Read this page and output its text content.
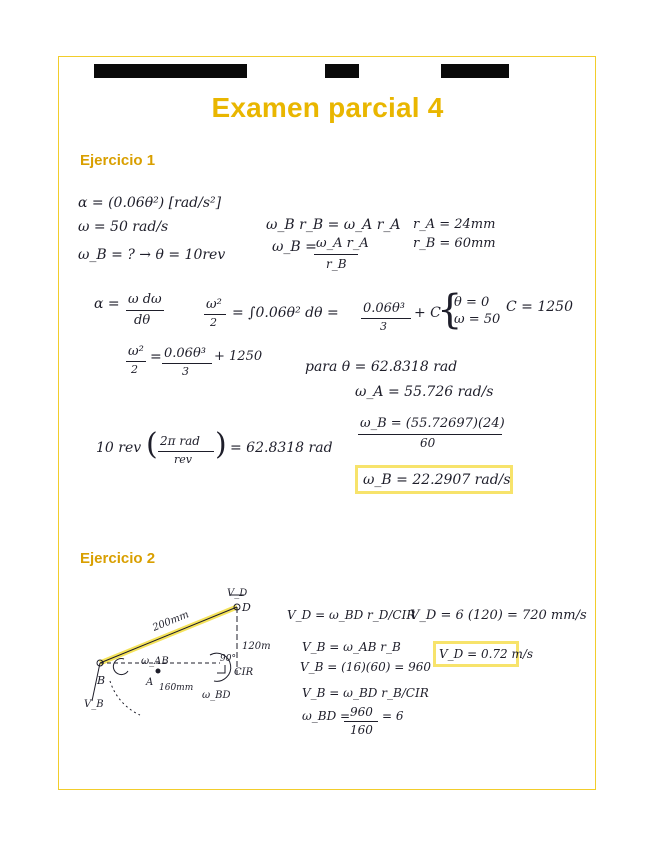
Examen parcial 4
Ejercicio 1
α = (0.06θ²) [rad/s²]
ω = 50 rad/s
ω_B = ? → θ = 10rev
ω_B r_B = ω_A r_A
ω_B = ω_A r_A
r_B
r_A = 24mm
r_B = 60mm
α = ω dω
dθ
ω²
2
= ∫0.06θ² dθ = 0.06θ³
3
+ C
{
θ = 0
ω = 50
C = 1250
ω²
2
= 0.06θ³
3
+ 1250
para θ = 62.8318 rad
ω_A = 55.726 rad/s
ω_B = (55.72697)(24)
60
10 rev ( 2π rad
rev ) = 62.8318 rad
ω_B = 22.2907 rad/s
Ejercicio 2
V_D
D
200mm
120m
90°
ω_AB
B	A
CIR
160mm
ω_BD
V_B
V_D = ω_BD r_D/CIR
V_D = 6 (120) = 720 mm/s
V_B = ω_AB r_B
V_B = (16)(60) = 960
V_B = ω_BD r_B/CIR
ω_BD = 960
160
= 6
V_D = 0.72 m/s
